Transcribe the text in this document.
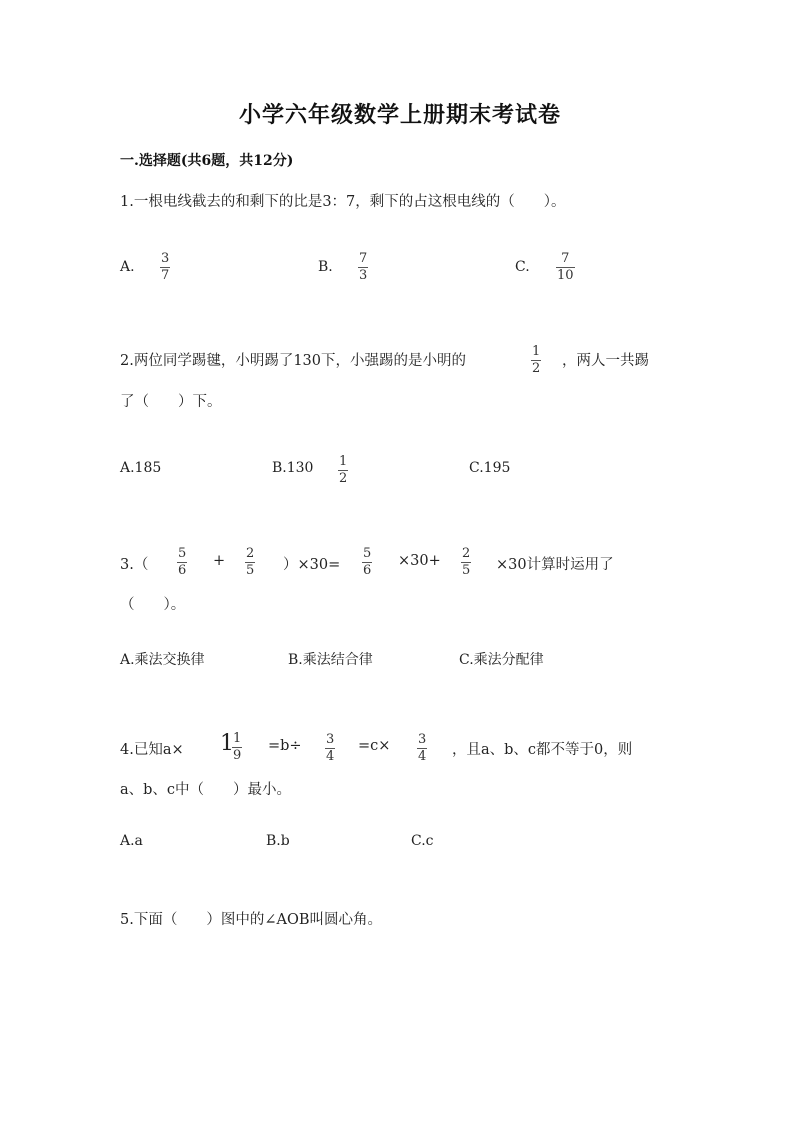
小学六年级数学上册期末考试卷
一.选择题(共6题，共12分)
1.一根电线截去的和剩下的比是3：7，剩下的占这根电线的（　　）。
A.
3
7
B.
7
3
C.
7
10
2.两位同学踢毽，小明踢了130下，小强踢的是小明的
1
2 ，两人一共踢
了（　　）下。
A.185	B.130 1
2
C.195
3.（
5
6
+ 2
5 ）×30=
5
6
×30+ 2
5 ×30计算时运用了
（　　）。
A.乘法交换律	B.乘法结合律	C.乘法分配律
4.已知a× 1 1
9
=b÷ 3
4
=c× 3
4 ，且a、b、c都不等于0，则
a、b、c中（　　）最小。
A.a	B.b	C.c
5.下面（　　）图中的∠AOB叫圆心角。
